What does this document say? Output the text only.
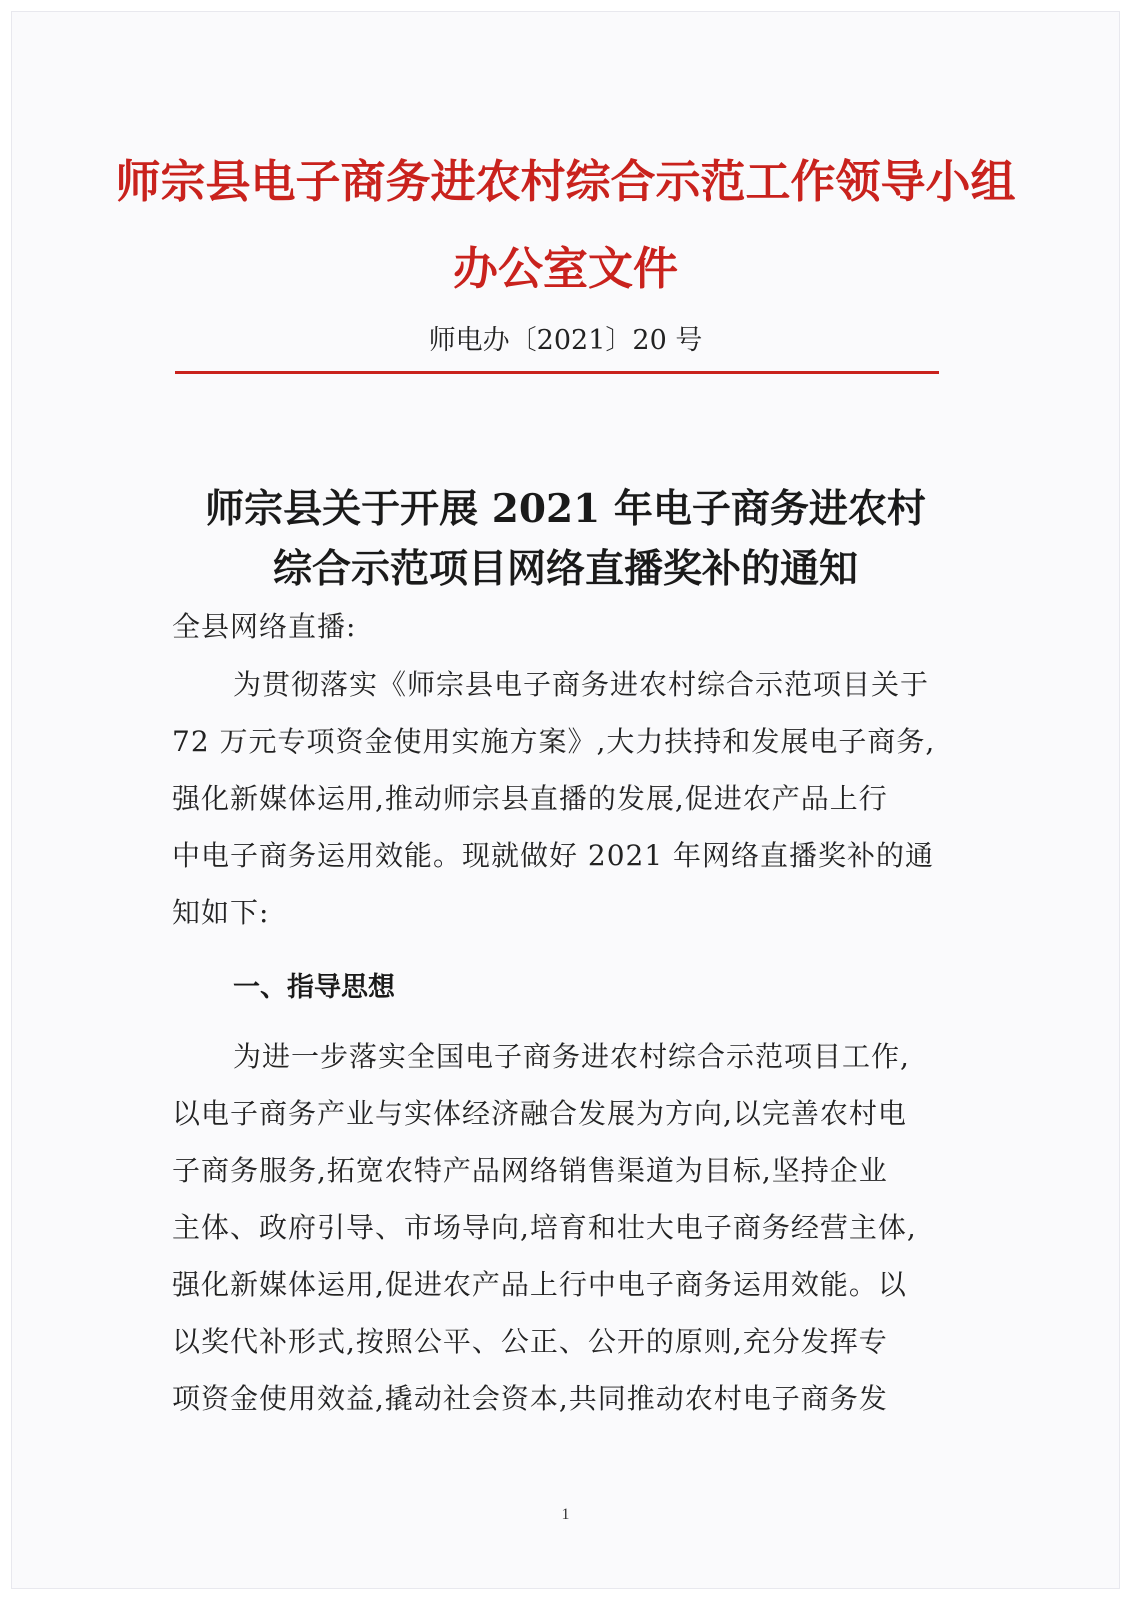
师宗县电子商务进农村综合示范工作领导小组
办公室文件
师电办〔2021〕20 号
师宗县关于开展 2021 年电子商务进农村
综合示范项目网络直播奖补的通知
全县网络直播:
为贯彻落实《师宗县电子商务进农村综合示范项目关于
72 万元专项资金使用实施方案》,大力扶持和发展电子商务,
强化新媒体运用,推动师宗县直播的发展,促进农产品上行
中电子商务运用效能。现就做好 2021 年网络直播奖补的通
知如下:
一、指导思想
为进一步落实全国电子商务进农村综合示范项目工作,
以电子商务产业与实体经济融合发展为方向,以完善农村电
子商务服务,拓宽农特产品网络销售渠道为目标,坚持企业
主体、政府引导、市场导向,培育和壮大电子商务经营主体,
强化新媒体运用,促进农产品上行中电子商务运用效能。以
以奖代补形式,按照公平、公正、公开的原则,充分发挥专
项资金使用效益,撬动社会资本,共同推动农村电子商务发
1
